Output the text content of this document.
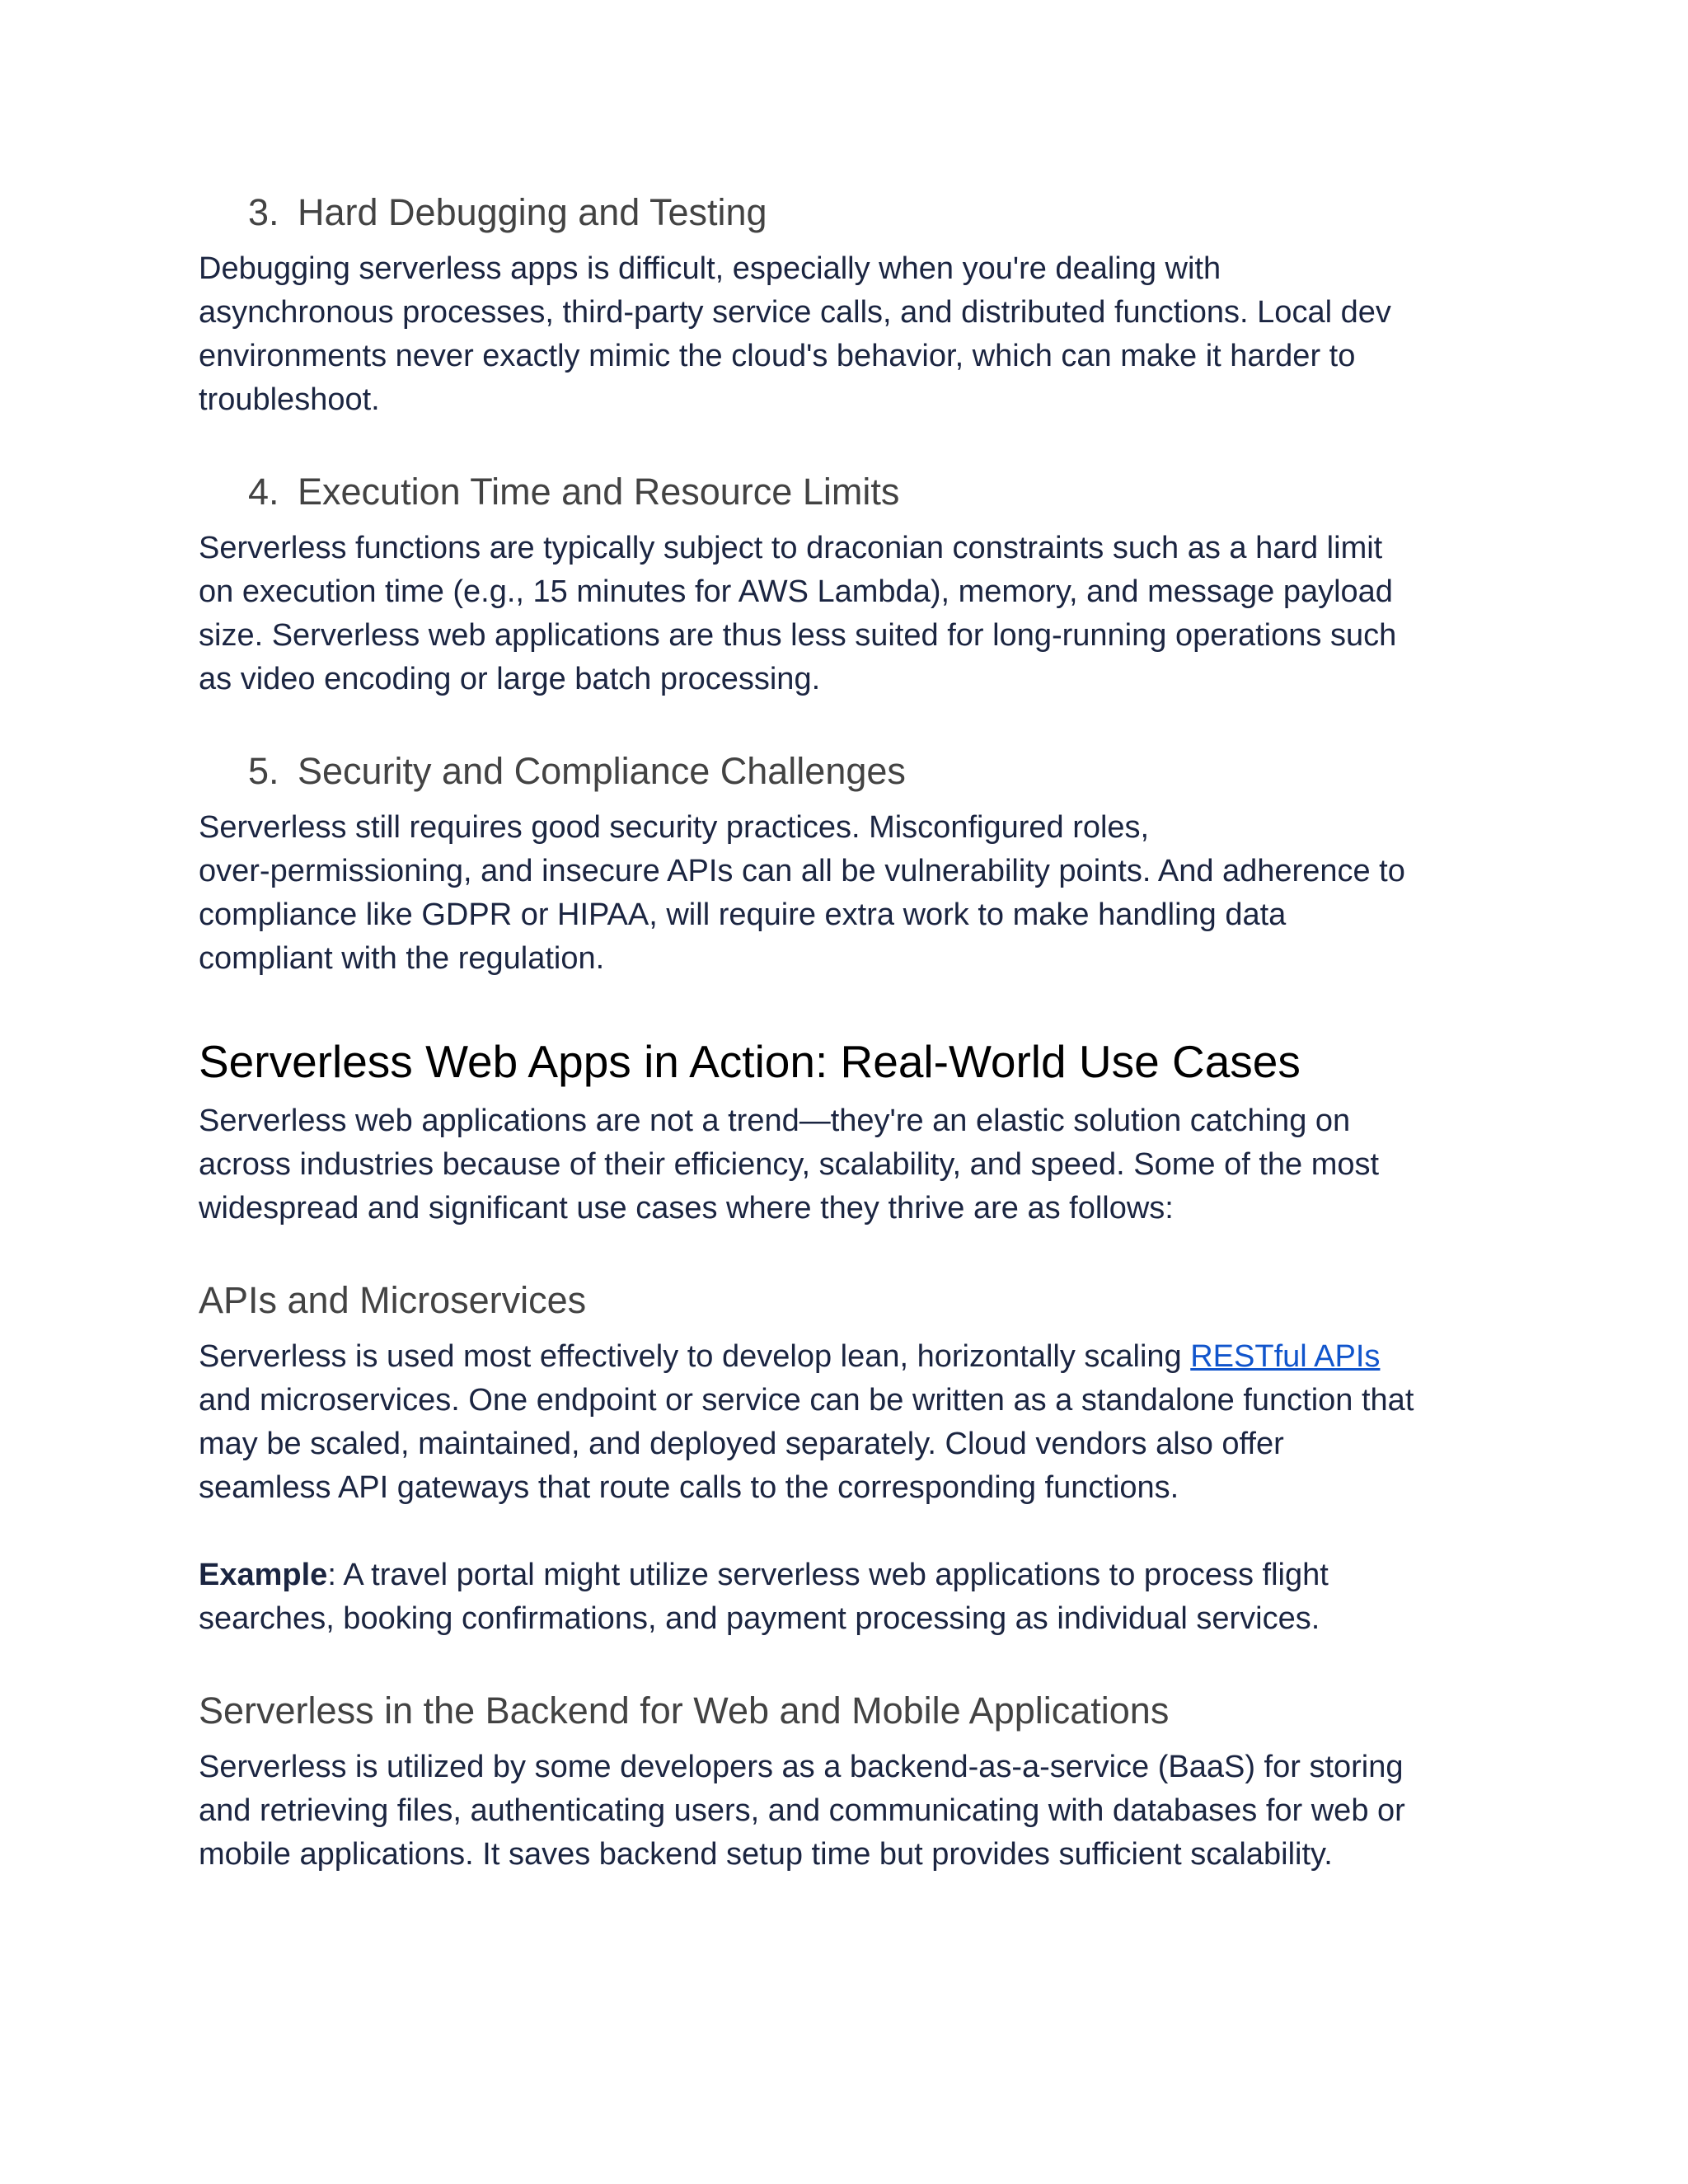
3. Hard Debugging and Testing

Debugging serverless apps is difficult, especially when you're dealing with
asynchronous processes, third-party service calls, and distributed functions. Local dev
environments never exactly mimic the cloud's behavior, which can make it harder to
troubleshoot.

4. Execution Time and Resource Limits

Serverless functions are typically subject to draconian constraints such as a hard limit
on execution time (e.g., 15 minutes for AWS Lambda), memory, and message payload
size. Serverless web applications are thus less suited for long-running operations such
as video encoding or large batch processing.

5. Security and Compliance Challenges

Serverless still requires good security practices. Misconfigured roles,
over-permissioning, and insecure APIs can all be vulnerability points. And adherence to
compliance like GDPR or HIPAA, will require extra work to make handling data
compliant with the regulation.

Serverless Web Apps in Action: Real-World Use Cases

Serverless web applications are not a trend—they're an elastic solution catching on
across industries because of their efficiency, scalability, and speed. Some of the most
widespread and significant use cases where they thrive are as follows:

APIs and Microservices

Serverless is used most effectively to develop lean, horizontally scaling RESTful APIs
and microservices. One endpoint or service can be written as a standalone function that
may be scaled, maintained, and deployed separately. Cloud vendors also offer
seamless API gateways that route calls to the corresponding functions.

Example: A travel portal might utilize serverless web applications to process flight
searches, booking confirmations, and payment processing as individual services.

Serverless in the Backend for Web and Mobile Applications

Serverless is utilized by some developers as a backend-as-a-service (BaaS) for storing
and retrieving files, authenticating users, and communicating with databases for web or
mobile applications. It saves backend setup time but provides sufficient scalability.
